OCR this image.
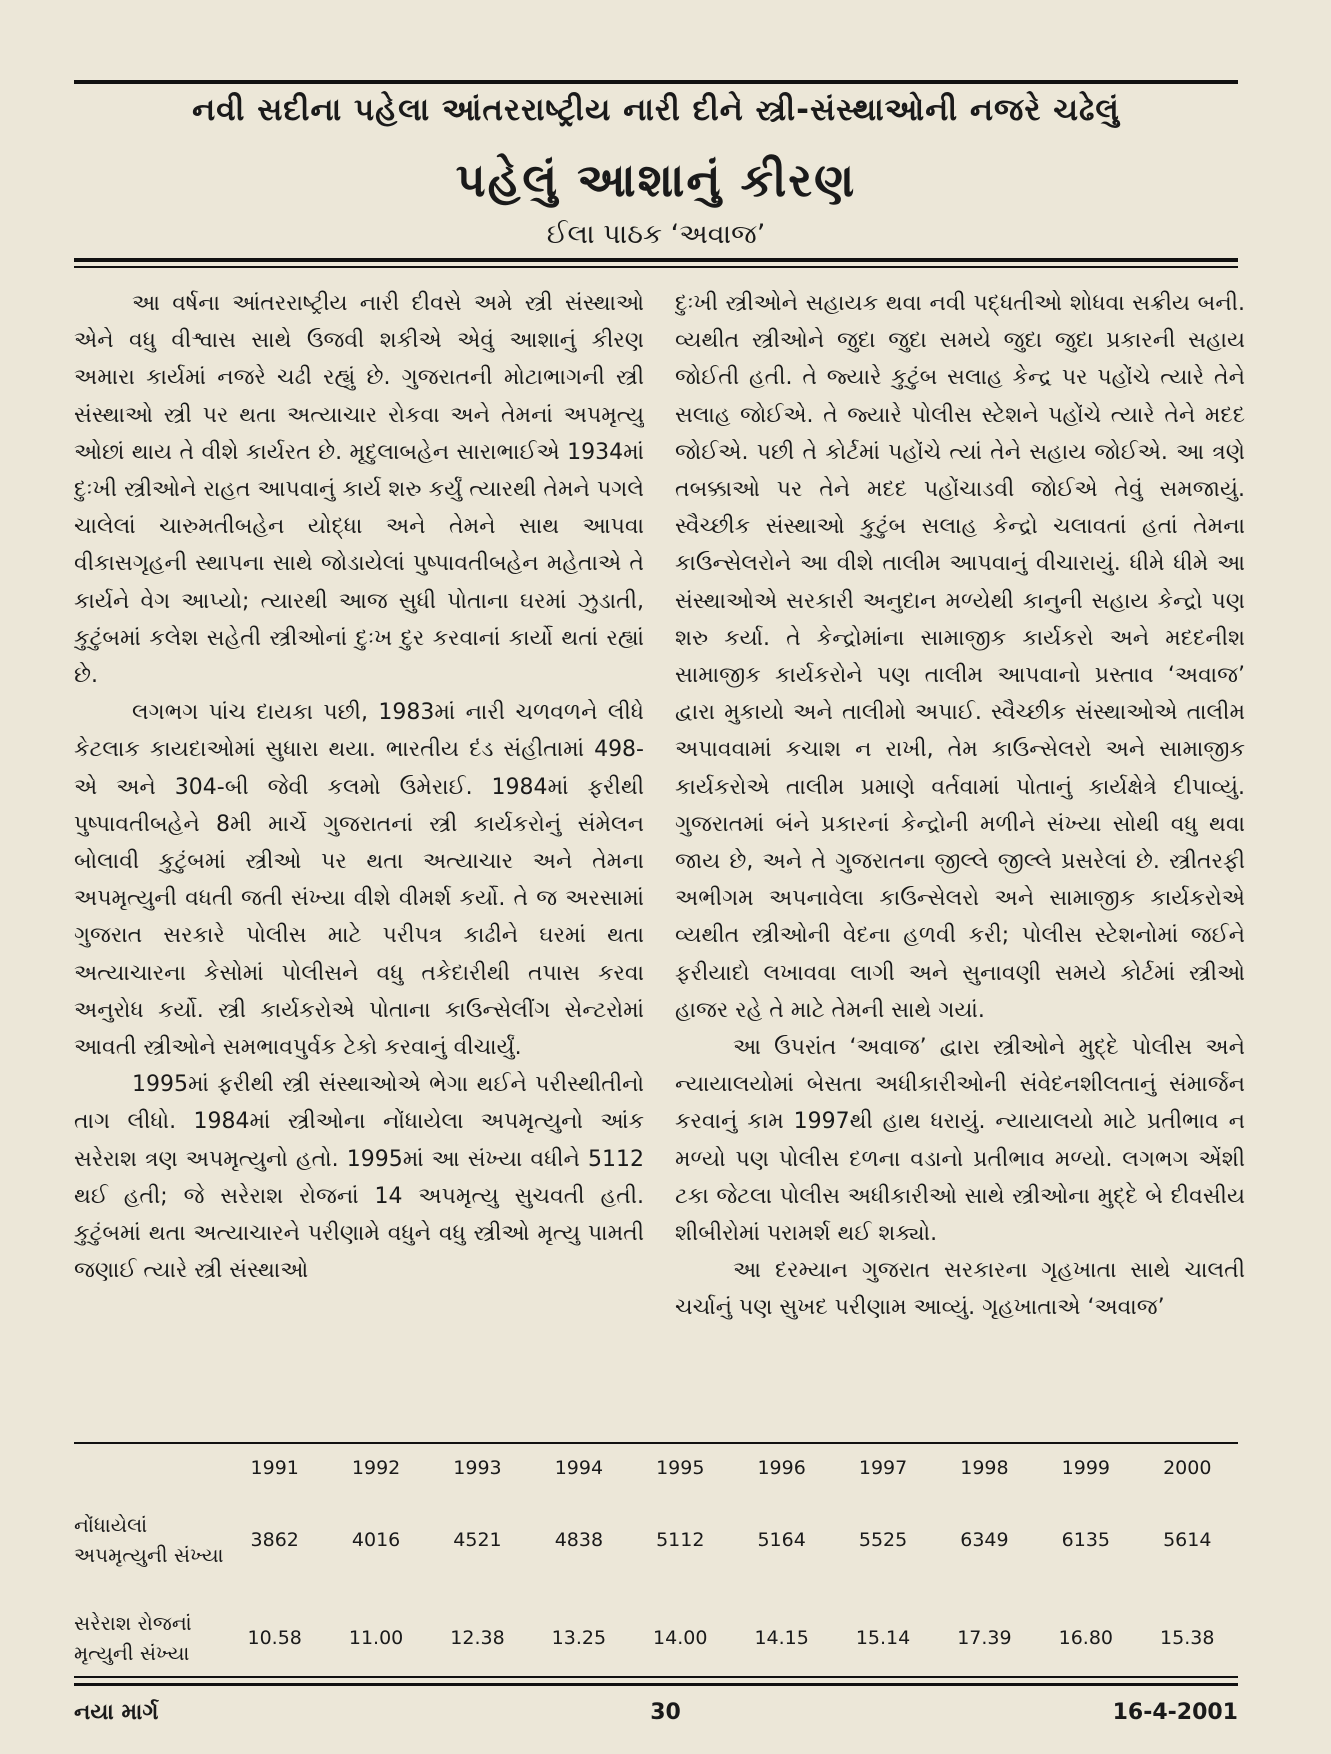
નવી સદીના પહેલા આંતરરાષ્ટ્રીય નારી દીને સ્ત્રી-સંસ્થાઓની નજરે ચઢેલું
પહેલું આશાનું કીરણ
ઈલા પાઠક ‘અવાજ’

આ વર્ષના આંતરરાષ્ટ્રીય નારી દીવસે અમે સ્ત્રી સંસ્થાઓ એને વધુ વીશ્વાસ સાથે ઉજવી શકીએ એવું આશાનું કીરણ અમારા કાર્યમાં નજરે ચઢી રહ્યું છે. ગુજરાતની મોટાભાગની સ્ત્રી સંસ્થાઓ સ્ત્રી પર થતા અત્યાચાર રોકવા અને તેમનાં અપમૃત્યુ ઓછાં થાય તે વીશે કાર્યરત છે. મૃદુલાબહેન સારાભાઈએ 1934માં દુઃખી સ્ત્રીઓને રાહત આપવાનું કાર્ય શરુ કર્યું ત્યારથી તેમને પગલે ચાલેલાં ચારુમતીબહેન યોદ્ધા અને તેમને સાથ આપવા વીકાસગૃહની સ્થાપના સાથે જોડાયેલાં પુષ્પાવતીબહેન મહેતાએ તે કાર્યને વેગ આપ્યો; ત્યારથી આજ સુધી પોતાના ઘરમાં ઝુડાતી, કુટુંબમાં કલેશ સહેતી સ્ત્રીઓનાં દુઃખ દુર કરવાનાં કાર્યો થતાં રહ્યાં છે.

લગભગ પાંચ દાયકા પછી, 1983માં નારી ચળવળને લીધે કેટલાક કાયદાઓમાં સુધારા થયા. ભારતીય દંડ સંહીતામાં 498-એ અને 304-બી જેવી કલમો ઉમેરાઈ. 1984માં ફરીથી પુષ્પાવતીબહેને 8મી માર્ચે ગુજરાતનાં સ્ત્રી કાર્યકરોનું સંમેલન બોલાવી કુટુંબમાં સ્ત્રીઓ પર થતા અત્યાચાર અને તેમના અપમૃત્યુની વધતી જતી સંખ્યા વીશે વીમર્શ કર્યો. તે જ અરસામાં ગુજરાત સરકારે પોલીસ માટે પરીપત્ર કાઢીને ઘરમાં થતા અત્યાચારના કેસોમાં પોલીસને વધુ તકેદારીથી તપાસ કરવા અનુરોધ કર્યો. સ્ત્રી કાર્યકરોએ પોતાના કાઉન્સેલીંગ સેન્ટરોમાં આવતી સ્ત્રીઓને સમભાવપુર્વક ટેકો કરવાનું વીચાર્યું.

1995માં ફરીથી સ્ત્રી સંસ્થાઓએ ભેગા થઈને પરીસ્થીતીનો તાગ લીધો. 1984માં સ્ત્રીઓના નોંધાયેલા અપમૃત્યુનો આંક સરેરાશ ત્રણ અપમૃત્યુનો હતો. 1995માં આ સંખ્યા વધીને 5112 થઈ હતી; જે સરેરાશ રોજનાં 14 અપમૃત્યુ સુચવતી હતી. કુટુંબમાં થતા અત્યાચારને પરીણામે વધુને વધુ સ્ત્રીઓ મૃત્યુ પામતી જણાઈ ત્યારે સ્ત્રી સંસ્થાઓ

દુઃખી સ્ત્રીઓને સહાયક થવા નવી પદ્ધતીઓ શોધવા સક્રીય બની. વ્યથીત સ્ત્રીઓને જુદા જુદા સમયે જુદા જુદા પ્રકારની સહાય જોઈતી હતી. તે જ્યારે કુટુંબ સલાહ કેન્દ્ર પર પહોંચે ત્યારે તેને સલાહ જોઈએ. તે જ્યારે પોલીસ સ્ટેશને પહોંચે ત્યારે તેને મદદ જોઈએ. પછી તે કોર્ટમાં પહોંચે ત્યાં તેને સહાય જોઈએ. આ ત્રણે તબક્કાઓ પર તેને મદદ પહોંચાડવી જોઈએ તેવું સમજાયું. સ્વૈચ્છીક સંસ્થાઓ કુટુંબ સલાહ કેન્દ્રો ચલાવતાં હતાં તેમના કાઉન્સેલરોને આ વીશે તાલીમ આપવાનું વીચારાયું. ધીમે ધીમે આ સંસ્થાઓએ સરકારી અનુદાન મળ્યેથી કાનુની સહાય કેન્દ્રો પણ શરુ કર્યા. તે કેન્દ્રોમાંના સામાજીક કાર્યકરો અને મદદનીશ સામાજીક કાર્યકરોને પણ તાલીમ આપવાનો પ્રસ્તાવ ‘અવાજ’ દ્વારા મુકાયો અને તાલીમો અપાઈ. સ્વૈચ્છીક સંસ્થાઓએ તાલીમ અપાવવામાં કચાશ ન રાખી, તેમ કાઉન્સેલરો અને સામાજીક કાર્યકરોએ તાલીમ પ્રમાણે વર્તવામાં પોતાનું કાર્યક્ષેત્રે દીપાવ્યું. ગુજરાતમાં બંને પ્રકારનાં કેન્દ્રોની મળીને સંખ્યા સોથી વધુ થવા જાય છે, અને તે ગુજરાતના જીલ્લે જીલ્લે પ્રસરેલાં છે. સ્ત્રીતરફી અભીગમ અપનાવેલા કાઉન્સેલરો અને સામાજીક કાર્યકરોએ વ્યથીત સ્ત્રીઓની વેદના હળવી કરી; પોલીસ સ્ટેશનોમાં જઈને ફરીયાદો લખાવવા લાગી અને સુનાવણી સમયે કોર્ટમાં સ્ત્રીઓ હાજર રહે તે માટે તેમની સાથે ગયાં.

આ ઉપરાંત ‘અવાજ’ દ્વારા સ્ત્રીઓને મુદ્દે પોલીસ અને ન્યાયાલયોમાં બેસતા અધીકારીઓની સંવેદનશીલતાનું સંમાર્જન કરવાનું કામ 1997થી હાથ ધરાયું. ન્યાયાલયો માટે પ્રતીભાવ ન મળ્યો પણ પોલીસ દળના વડાનો પ્રતીભાવ મળ્યો. લગભગ એંશી ટકા જેટલા પોલીસ અધીકારીઓ સાથે સ્ત્રીઓના મુદ્દે બે દીવસીય શીબીરોમાં પરામર્શ થઈ શક્યો.

આ દરમ્યાન ગુજરાત સરકારના ગૃહખાતા સાથે ચાલતી ચર્ચાનું પણ સુખદ પરીણામ આવ્યું. ગૃહખાતાએ ‘અવાજ’

	1991	1992	1993	1994	1995	1996	1997	1998	1999	2000
નોંધાયેલાં અપમૃત્યુની સંખ્યા	3862	4016	4521	4838	5112	5164	5525	6349	6135	5614
સરેરાશ રોજનાં મૃત્યુની સંખ્યા	10.58	11.00	12.38	13.25	14.00	14.15	15.14	17.39	16.80	15.38
નયા માર્ગ	30	16-4-2001
